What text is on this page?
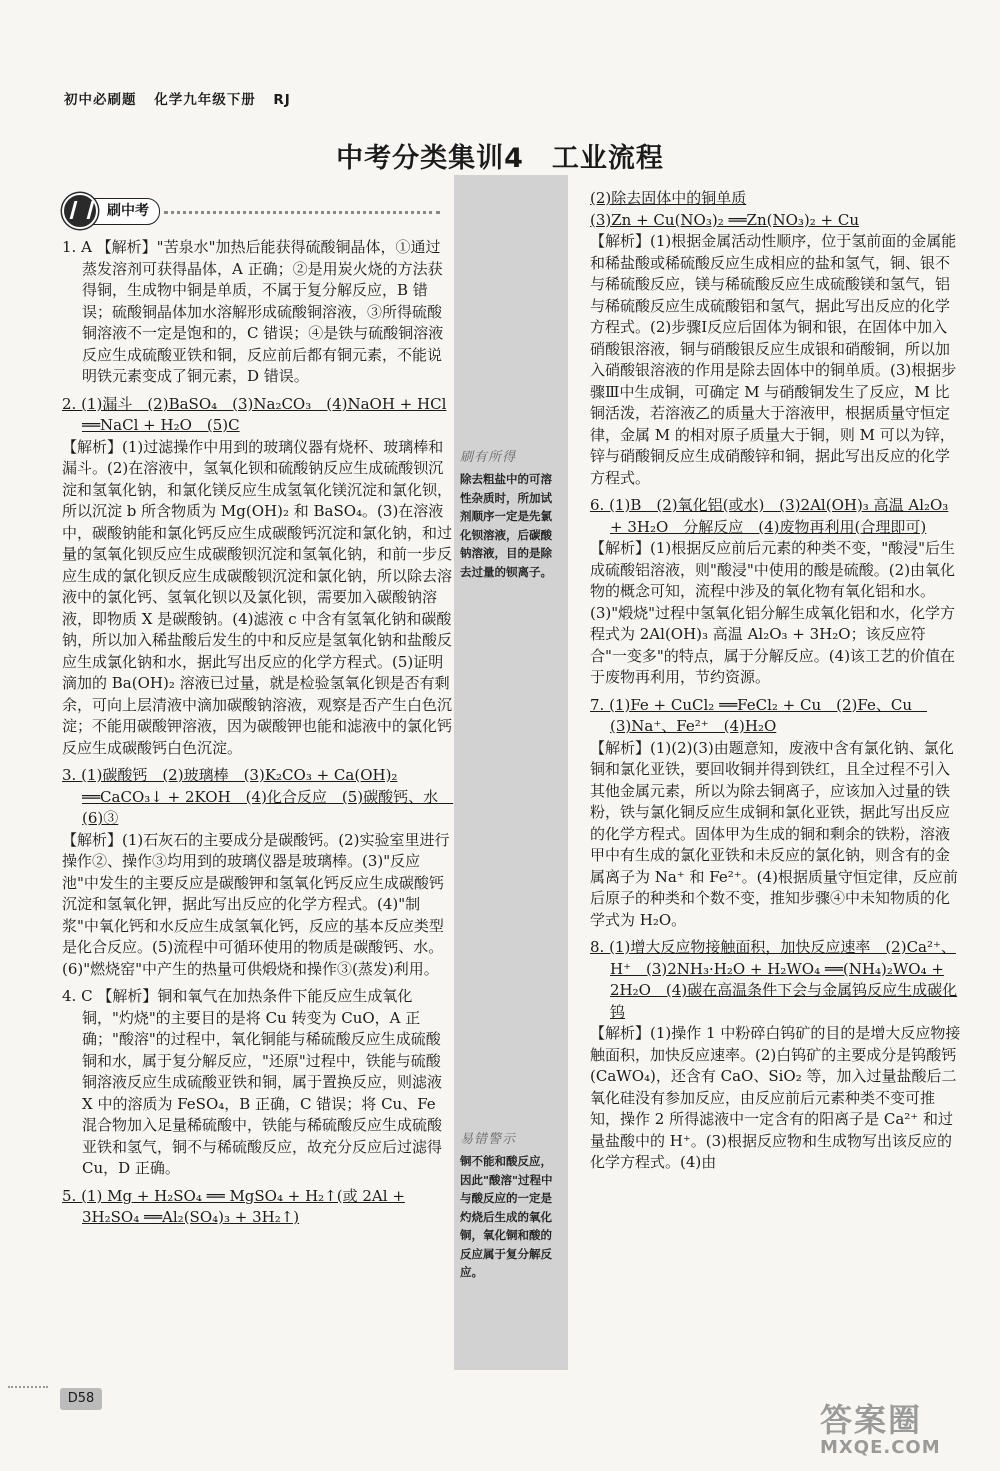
初中必刷题 化学九年级下册 RJ
中考分类集训4　工业流程
刷中考
刷有所得
除去粗盐中的可溶性杂质时，所加试剂顺序一定是先氯化钡溶液，后碳酸钠溶液，目的是除去过量的钡离子。
易错警示
铜不能和酸反应，因此"酸溶"过程中与酸反应的一定是灼烧后生成的氧化铜，氧化铜和酸的反应属于复分解反应。

1. A 【解析】"苦泉水"加热后能获得硫酸铜晶体，①通过蒸发溶剂可获得晶体，A 正确；②是用炭火烧的方法获得铜，生成物中铜是单质，不属于复分解反应，B 错误；硫酸铜晶体加水溶解形成硫酸铜溶液，③所得硫酸铜溶液不一定是饱和的，C 错误；④是铁与硫酸铜溶液反应生成硫酸亚铁和铜，反应前后都有铜元素，不能说明铁元素变成了铜元素，D 错误。

2. (1)漏斗　(2)BaSO₄　(3)Na₂CO₃　(4)NaOH + HCl ══NaCl + H₂O　(5)C

【解析】(1)过滤操作中用到的玻璃仪器有烧杯、玻璃棒和漏斗。(2)在溶液中，氢氧化钡和硫酸钠反应生成硫酸钡沉淀和氢氧化钠，和氯化镁反应生成氢氧化镁沉淀和氯化钡，所以沉淀 b 所含物质为 Mg(OH)₂ 和 BaSO₄。(3)在溶液中，碳酸钠能和氯化钙反应生成碳酸钙沉淀和氯化钠，和过量的氢氧化钡反应生成碳酸钡沉淀和氢氧化钠，和前一步反应生成的氯化钡反应生成碳酸钡沉淀和氯化钠，所以除去溶液中的氯化钙、氢氧化钡以及氯化钡，需要加入碳酸钠溶液，即物质 X 是碳酸钠。(4)滤液 c 中含有氢氧化钠和碳酸钠，所以加入稀盐酸后发生的中和反应是氢氧化钠和盐酸反应生成氯化钠和水，据此写出反应的化学方程式。(5)证明滴加的 Ba(OH)₂ 溶液已过量，就是检验氢氧化钡是否有剩余，可向上层清液中滴加碳酸钠溶液，观察是否产生白色沉淀；不能用碳酸钾溶液，因为碳酸钾也能和滤液中的氯化钙反应生成碳酸钙白色沉淀。

3. (1)碳酸钙　(2)玻璃棒　(3)K₂CO₃ + Ca(OH)₂ ══CaCO₃↓ + 2KOH　(4)化合反应　(5)碳酸钙、水　(6)③

【解析】(1)石灰石的主要成分是碳酸钙。(2)实验室里进行操作②、操作③均用到的玻璃仪器是玻璃棒。(3)"反应池"中发生的主要反应是碳酸钾和氢氧化钙反应生成碳酸钙沉淀和氢氧化钾，据此写出反应的化学方程式。(4)"制浆"中氧化钙和水反应生成氢氧化钙，反应的基本反应类型是化合反应。(5)流程中可循环使用的物质是碳酸钙、水。(6)"燃烧窑"中产生的热量可供煅烧和操作③(蒸发)利用。

4. C 【解析】铜和氧气在加热条件下能反应生成氧化铜，"灼烧"的主要目的是将 Cu 转变为 CuO，A 正确；"酸溶"的过程中，氧化铜能与稀硫酸反应生成硫酸铜和水，属于复分解反应，"还原"过程中，铁能与硫酸铜溶液反应生成硫酸亚铁和铜，属于置换反应，则滤液 X 中的溶质为 FeSO₄，B 正确，C 错误；将 Cu、Fe 混合物加入足量稀硫酸中，铁能与稀硫酸反应生成硫酸亚铁和氢气，铜不与稀硫酸反应，故充分反应后过滤得 Cu，D 正确。

5. (1) Mg + H₂SO₄ ══ MgSO₄ + H₂↑(或 2Al + 3H₂SO₄ ══Al₂(SO₄)₃ + 3H₂↑)

(2)除去固体中的铜单质

(3)Zn + Cu(NO₃)₂ ══Zn(NO₃)₂ + Cu

【解析】(1)根据金属活动性顺序，位于氢前面的金属能和稀盐酸或稀硫酸反应生成相应的盐和氢气，铜、银不与稀硫酸反应，镁与稀硫酸反应生成硫酸镁和氢气，铝与稀硫酸反应生成硫酸铝和氢气，据此写出反应的化学方程式。(2)步骤Ⅰ反应后固体为铜和银，在固体中加入硝酸银溶液，铜与硝酸银反应生成银和硝酸铜，所以加入硝酸银溶液的作用是除去固体中的铜单质。(3)根据步骤Ⅲ中生成铜，可确定 M 与硝酸铜发生了反应，M 比铜活泼，若溶液乙的质量大于溶液甲，根据质量守恒定律，金属 M 的相对原子质量大于铜，则 M 可以为锌，锌与硝酸铜反应生成硝酸锌和铜，据此写出反应的化学方程式。

6. (1)B　(2)氧化铝(或水)　(3)2Al(OH)₃ 高温 Al₂O₃ + 3H₂O　分解反应　(4)废物再利用(合理即可)

【解析】(1)根据反应前后元素的种类不变，"酸浸"后生成硫酸铝溶液，则"酸浸"中使用的酸是硫酸。(2)由氧化物的概念可知，流程中涉及的氧化物有氧化铝和水。(3)"煅烧"过程中氢氧化铝分解生成氧化铝和水，化学方程式为 2Al(OH)₃ 高温 Al₂O₃ + 3H₂O；该反应符合"一变多"的特点，属于分解反应。(4)该工艺的价值在于废物再利用，节约资源。

7. (1)Fe + CuCl₂ ══FeCl₂ + Cu　(2)Fe、Cu　(3)Na⁺、Fe²⁺　(4)H₂O

【解析】(1)(2)(3)由题意知，废液中含有氯化钠、氯化铜和氯化亚铁，要回收铜并得到铁红，且全过程不引入其他金属元素，所以为除去铜离子，应该加入过量的铁粉，铁与氯化铜反应生成铜和氯化亚铁，据此写出反应的化学方程式。固体甲为生成的铜和剩余的铁粉，溶液甲中有生成的氯化亚铁和未反应的氯化钠，则含有的金属离子为 Na⁺ 和 Fe²⁺。(4)根据质量守恒定律，反应前后原子的种类和个数不变，推知步骤④中未知物质的化学式为 H₂O。

8. (1)增大反应物接触面积，加快反应速率　(2)Ca²⁺、H⁺　(3)2NH₃·H₂O + H₂WO₄ ══(NH₄)₂WO₄ + 2H₂O　(4)碳在高温条件下会与金属钨反应生成碳化钨

【解析】(1)操作 1 中粉碎白钨矿的目的是增大反应物接触面积，加快反应速率。(2)白钨矿的主要成分是钨酸钙(CaWO₄)，还含有 CaO、SiO₂ 等，加入过量盐酸后二氧化硅没有参加反应，由反应前后元素种类不变可推知，操作 2 所得滤液中一定含有的阳离子是 Ca²⁺ 和过量盐酸中的 H⁺。(3)根据反应物和生成物写出该反应的化学方程式。(4)由

D58
答案圈
MXQE.COM
